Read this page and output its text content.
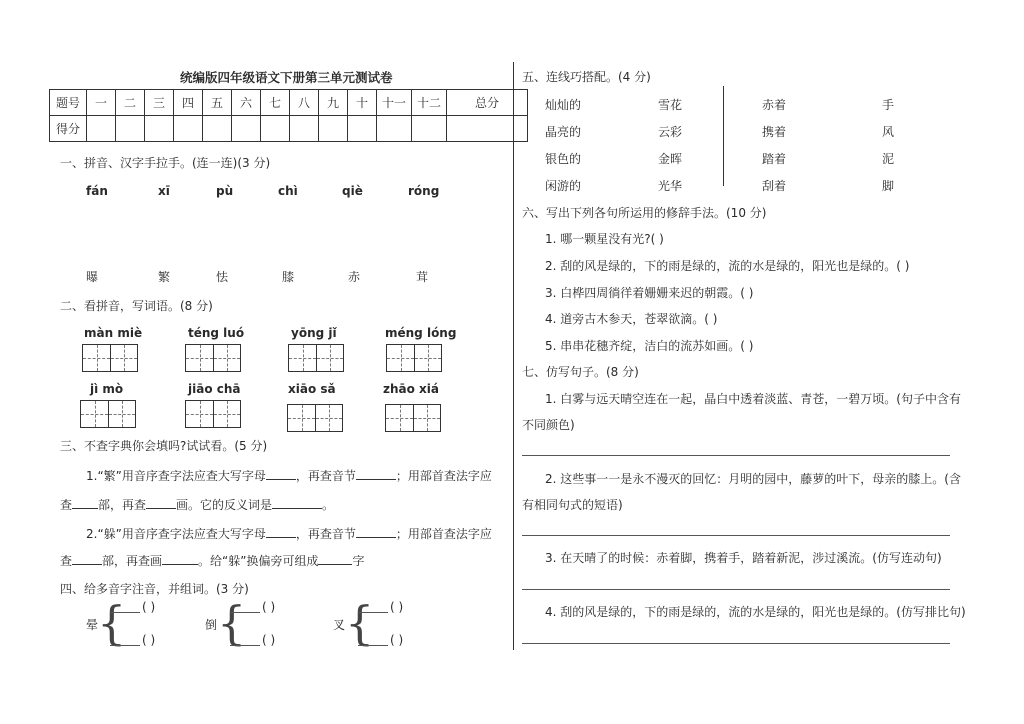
统编版四年级语文下册第三单元测试卷
题号	一	二	三	四	五	六	七	八	九	十	十一	十二	总分
得分													
一、拼音、汉字手拉手。(连一连)(3 分)
fán	xī	pù	chì	qiè	róng
曝	繁	怯	膝	赤	茸
二、看拼音，写词语。(8 分)
màn miè	téng luó	yōng jǐ	méng lóng
jì mò	jiāo chā	xiāo sǎ	zhāo xiá
三、不查字典你会填吗?试试看。(5 分)
1.“繁”用音序查字法应查大写字母	，再查音节	；用部首查法字应
查 部，再查	画。它的反义词是	。
2.“躲”用音序查字法应查大写字母	，再查音节	；用部首查法字应
查	部，再查画	。给“躲”换偏旁可组成	字
四、给多音字注音，并组词。(3 分)
晕
{ ( )
( )
倒 { ( )
( )
叉 { ( )
( )
五、连线巧搭配。(4 分)
灿灿的
晶亮的
银色的
闲游的
雪花
云彩
金晖
光华
赤着
携着
踏着
刮着
手
风
泥
脚
六、写出下列各句所运用的修辞手法。(10 分)
1. 哪一颗星没有光?( )
2. 刮的风是绿的，下的雨是绿的，流的水是绿的，阳光也是绿的。( )
3. 白桦四周徜徉着姗姗来迟的朝霞。( )
4. 道旁古木参天，苍翠欲滴。( )
5. 串串花穗齐绽，洁白的流苏如画。( )
七、仿写句子。(8 分)
1. 白雾与远天晴空连在一起，晶白中透着淡蓝、青苍，一碧万顷。(句子中含有
不同颜色)
2. 这些事一一是永不漫灭的回忆：月明的园中，藤萝的叶下，母亲的膝上。(含
有相同句式的短语)
3. 在天晴了的时候：赤着脚，携着手，踏着新泥，涉过溪流。(仿写连动句)
4. 刮的风是绿的，下的雨是绿的，流的水是绿的，阳光也是绿的。(仿写排比句)
